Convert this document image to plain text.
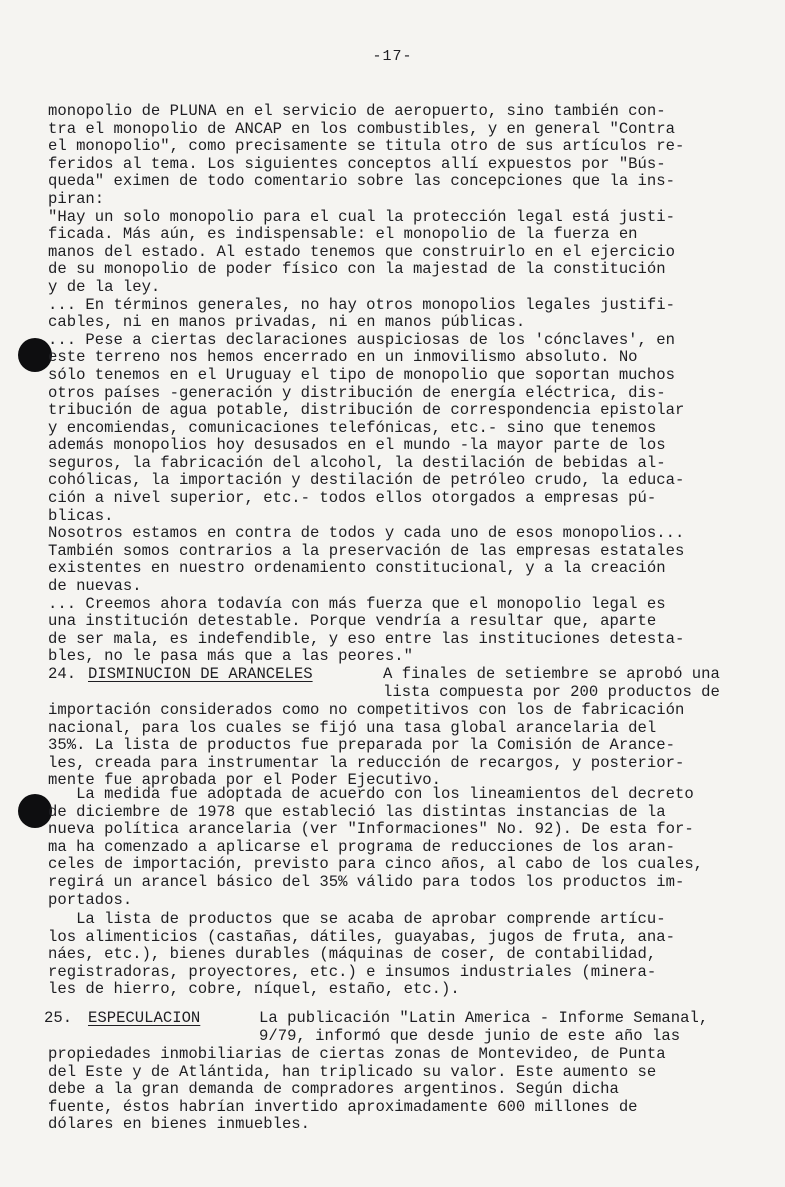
-17-
monopolio de PLUNA en el servicio de aeropuerto, sino también con-
tra el monopolio de ANCAP en los combustibles, y en general "Contra
el monopolio", como precisamente se titula otro de sus artículos re-
feridos al tema. Los siguientes conceptos allí expuestos por "Bús-
queda" eximen de todo comentario sobre las concepciones que la ins-
piran:
"Hay un solo monopolio para el cual la protección legal está justi-
ficada. Más aún, es indispensable: el monopolio de la fuerza en
manos del estado. Al estado tenemos que construirlo en el ejercicio
de su monopolio de poder físico con la majestad de la constitución
y de la ley.
... En términos generales, no hay otros monopolios legales justifi-
cables, ni en manos privadas, ni en manos públicas.
... Pese a ciertas declaraciones auspiciosas de los 'cónclaves', en
este terreno nos hemos encerrado en un inmovilismo absoluto. No
sólo tenemos en el Uruguay el tipo de monopolio que soportan muchos
otros países -generación y distribución de energía eléctrica, dis-
tribución de agua potable, distribución de correspondencia epistolar
y encomiendas, comunicaciones telefónicas, etc.- sino que tenemos
además monopolios hoy desusados en el mundo -la mayor parte de los
seguros, la fabricación del alcohol, la destilación de bebidas al-
cohólicas, la importación y destilación de petróleo crudo, la educa-
ción a nivel superior, etc.- todos ellos otorgados a empresas pú-
blicas.
Nosotros estamos en contra de todos y cada uno de esos monopolios...
También somos contrarios a la preservación de las empresas estatales
existentes en nuestro ordenamiento constitucional, y a la creación
de nuevas.
... Creemos ahora todavía con más fuerza que el monopolio legal es
una institución detestable. Porque vendría a resultar que, aparte
de ser mala, es indefendible, y eso entre las instituciones detesta-
bles, no le pasa más que a las peores."
24. DISMINUCION DE ARANCELES	A finales de setiembre se aprobó una
lista compuesta por 200 productos de
importación considerados como no competitivos con los de fabricación
nacional, para los cuales se fijó una tasa global arancelaria del
35%. La lista de productos fue preparada por la Comisión de Arance-
les, creada para instrumentar la reducción de recargos, y posterior-
mente fue aprobada por el Poder Ejecutivo.
La medida fue adoptada de acuerdo con los lineamientos del decreto
de diciembre de 1978 que estableció las distintas instancias de la
nueva política arancelaria (ver "Informaciones" No. 92). De esta for-
ma ha comenzado a aplicarse el programa de reducciones de los aran-
celes de importación, previsto para cinco años, al cabo de los cuales,
regirá un arancel básico del 35% válido para todos los productos im-
portados.
La lista de productos que se acaba de aprobar comprende artícu-
los alimenticios (castañas, dátiles, guayabas, jugos de fruta, ana-
náes, etc.), bienes durables (máquinas de coser, de contabilidad,
registradoras, proyectores, etc.) e insumos industriales (minera-
les de hierro, cobre, níquel, estaño, etc.).
25. ESPECULACION	La publicación "Latin America - Informe Semanal,
9/79, informó que desde junio de este año las
propiedades inmobiliarias de ciertas zonas de Montevideo, de Punta
del Este y de Atlántida, han triplicado su valor. Este aumento se
debe a la gran demanda de compradores argentinos. Según dicha
fuente, éstos habrían invertido aproximadamente 600 millones de
dólares en bienes inmuebles.
